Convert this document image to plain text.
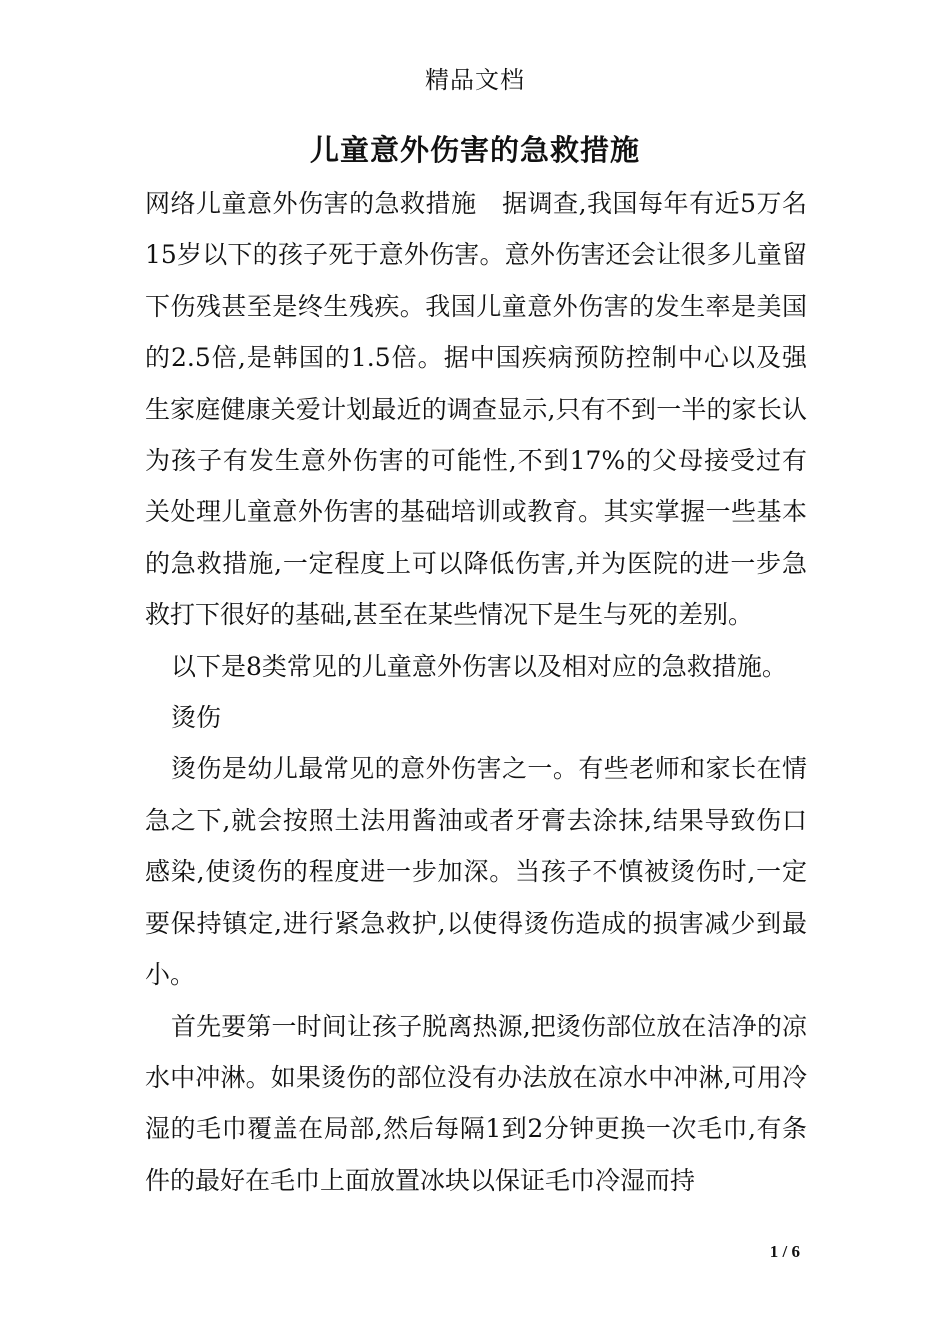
精品文档
儿童意外伤害的急救措施

网络儿童意外伤害的急救措施　据调查,我国每年有近5万名15岁以下的孩子死于意外伤害。意外伤害还会让很多儿童留下伤残甚至是终生残疾。我国儿童意外伤害的发生率是美国的2.5倍,是韩国的1.5倍。据中国疾病预防控制中心以及强生家庭健康关爱计划最近的调查显示,只有不到一半的家长认为孩子有发生意外伤害的可能性,不到17%的父母接受过有关处理儿童意外伤害的基础培训或教育。其实掌握一些基本的急救措施,一定程度上可以降低伤害,并为医院的进一步急救打下很好的基础,甚至在某些情况下是生与死的差别。

以下是8类常见的儿童意外伤害以及相对应的急救措施。

烫伤

烫伤是幼儿最常见的意外伤害之一。有些老师和家长在情急之下,就会按照土法用酱油或者牙膏去涂抹,结果导致伤口感染,使烫伤的程度进一步加深。当孩子不慎被烫伤时,一定要保持镇定,进行紧急救护,以使得烫伤造成的损害减少到最小。

首先要第一时间让孩子脱离热源,把烫伤部位放在洁净的凉水中冲淋。如果烫伤的部位没有办法放在凉水中冲淋,可用冷湿的毛巾覆盖在局部,然后每隔1到2分钟更换一次毛巾,有条件的最好在毛巾上面放置冰块以保证毛巾冷湿而持

1 / 6
